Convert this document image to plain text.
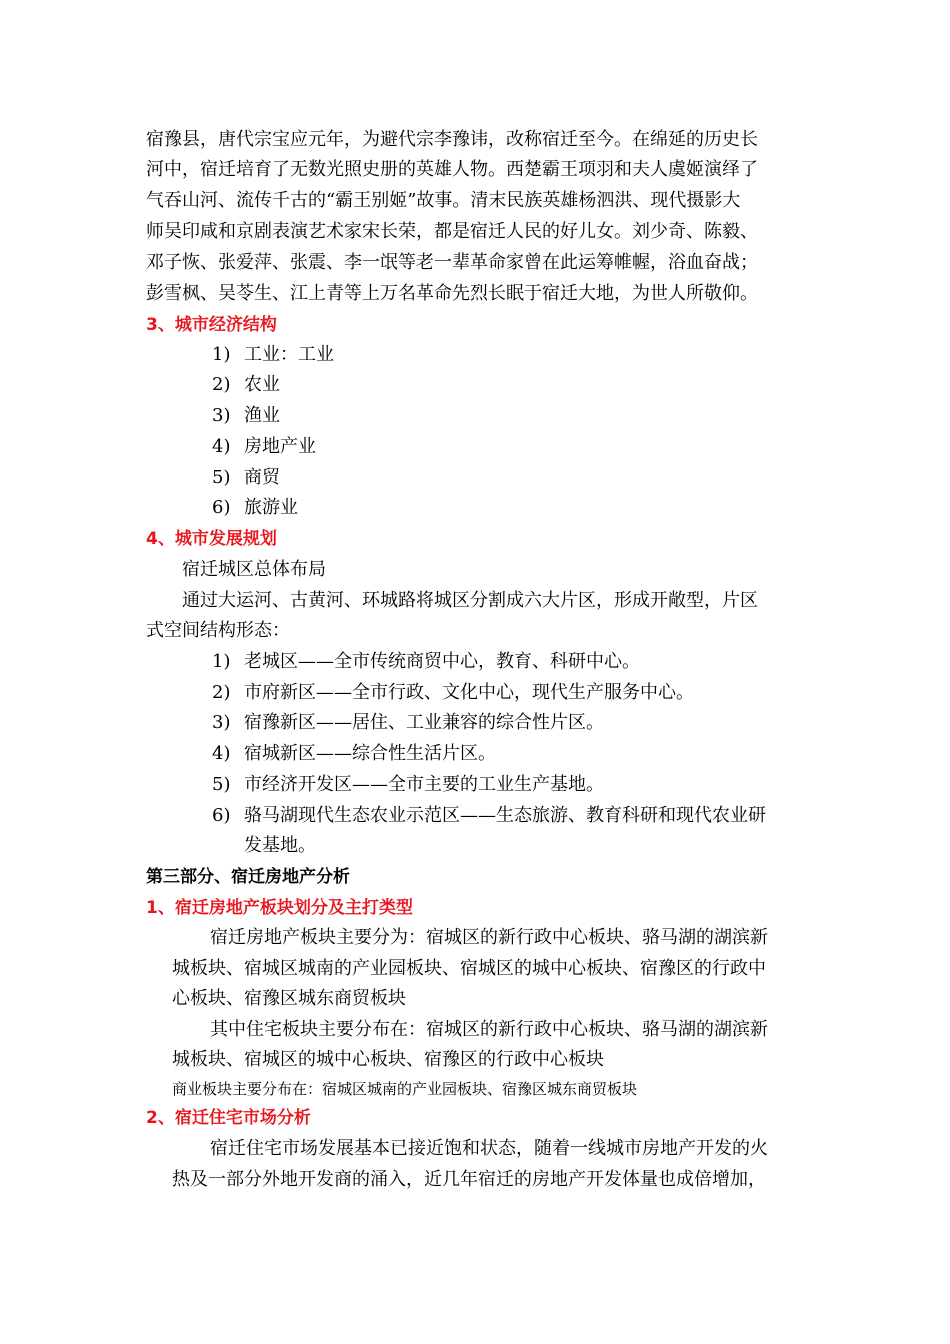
宿豫县，唐代宗宝应元年，为避代宗李豫讳，改称宿迁至今。在绵延的历史长
河中，宿迁培育了无数光照史册的英雄人物。西楚霸王项羽和夫人虞姬演绎了
气吞山河、流传千古的“霸王别姬”故事。清末民族英雄杨泗洪、现代摄影大
师吴印咸和京剧表演艺术家宋长荣，都是宿迁人民的好儿女。刘少奇、陈毅、
邓子恢、张爱萍、张震、李一氓等老一辈革命家曾在此运筹帷幄，浴血奋战；
彭雪枫、吴苓生、江上青等上万名革命先烈长眠于宿迁大地，为世人所敬仰。
3、城市经济结构
1) 工业：工业
2) 农业
3) 渔业
4) 房地产业
5) 商贸
6) 旅游业
4、城市发展规划
宿迁城区总体布局
通过大运河、古黄河、环城路将城区分割成六大片区，形成开敞型，片区
式空间结构形态：
1) 老城区——全市传统商贸中心，教育、科研中心。
2) 市府新区——全市行政、文化中心，现代生产服务中心。
3) 宿豫新区——居住、工业兼容的综合性片区。
4) 宿城新区——综合性生活片区。
5) 市经济开发区——全市主要的工业生产基地。
6) 骆马湖现代生态农业示范区——生态旅游、教育科研和现代农业研
发基地。
第三部分、宿迁房地产分析
1、宿迁房地产板块划分及主打类型
宿迁房地产板块主要分为：宿城区的新行政中心板块、骆马湖的湖滨新
城板块、宿城区城南的产业园板块、宿城区的城中心板块、宿豫区的行政中
心板块、宿豫区城东商贸板块
其中住宅板块主要分布在：宿城区的新行政中心板块、骆马湖的湖滨新
城板块、宿城区的城中心板块、宿豫区的行政中心板块
商业板块主要分布在：宿城区城南的产业园板块、宿豫区城东商贸板块
2、宿迁住宅市场分析
宿迁住宅市场发展基本已接近饱和状态，随着一线城市房地产开发的火
热及一部分外地开发商的涌入，近几年宿迁的房地产开发体量也成倍增加，
